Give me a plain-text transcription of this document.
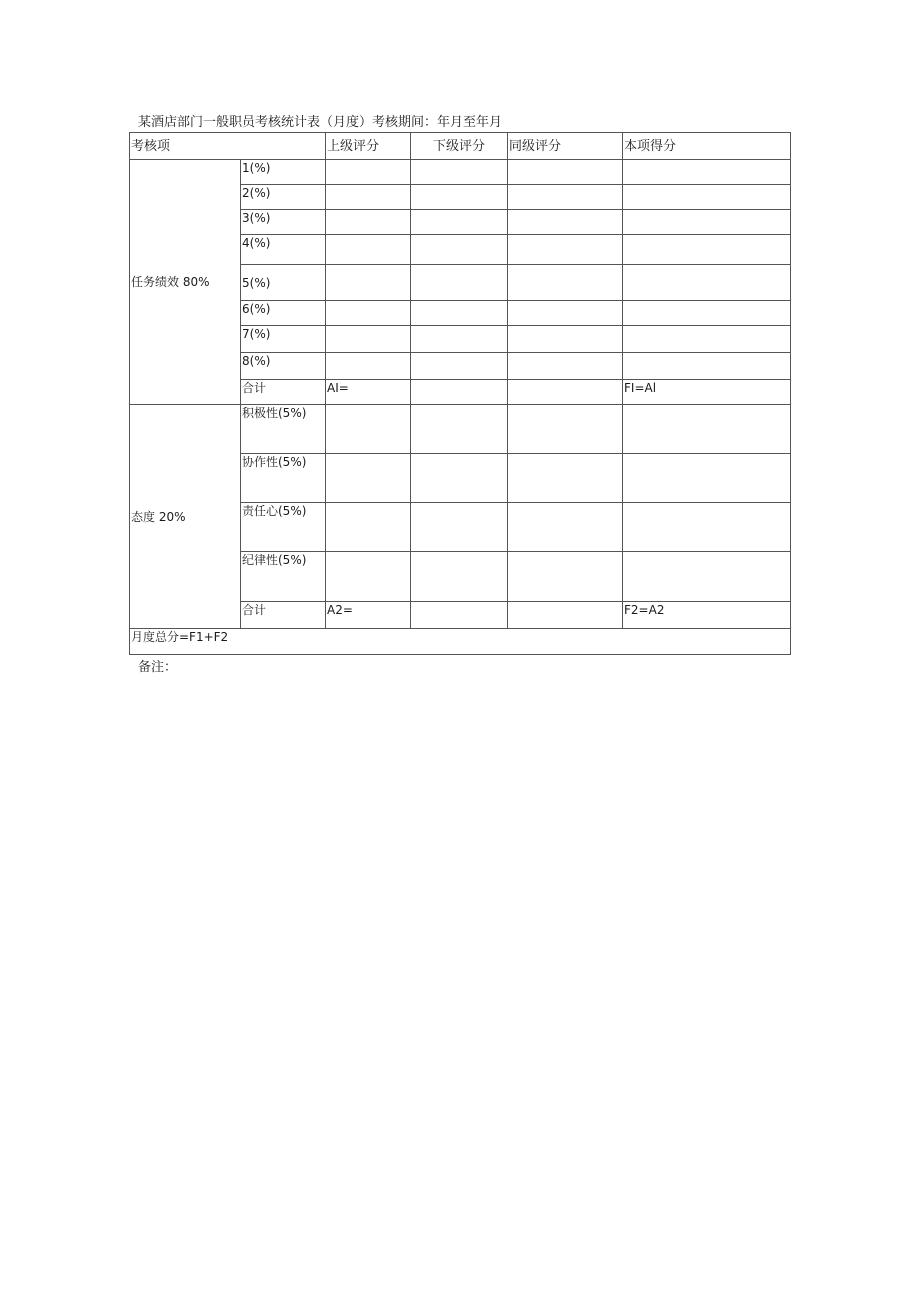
某酒店部门一般职员考核统计表（月度）考核期间：年月至年月
考核项		上级评分	下级评分	同级评分	本项得分
任务绩效 80%	1(%)				
	2(%)				
	3(%)				
	4(%)				
	5(%)				
	6(%)				
	7(%)				
	8(%)				
	合计	AI=			FI=Al
态度 20%	积极性(5%)				
	协作性(5%)				
	责任心(5%)				
	纪律性(5%)				
	合计	A2=			F2=A2
月度总分=F1+F2					
备注：
